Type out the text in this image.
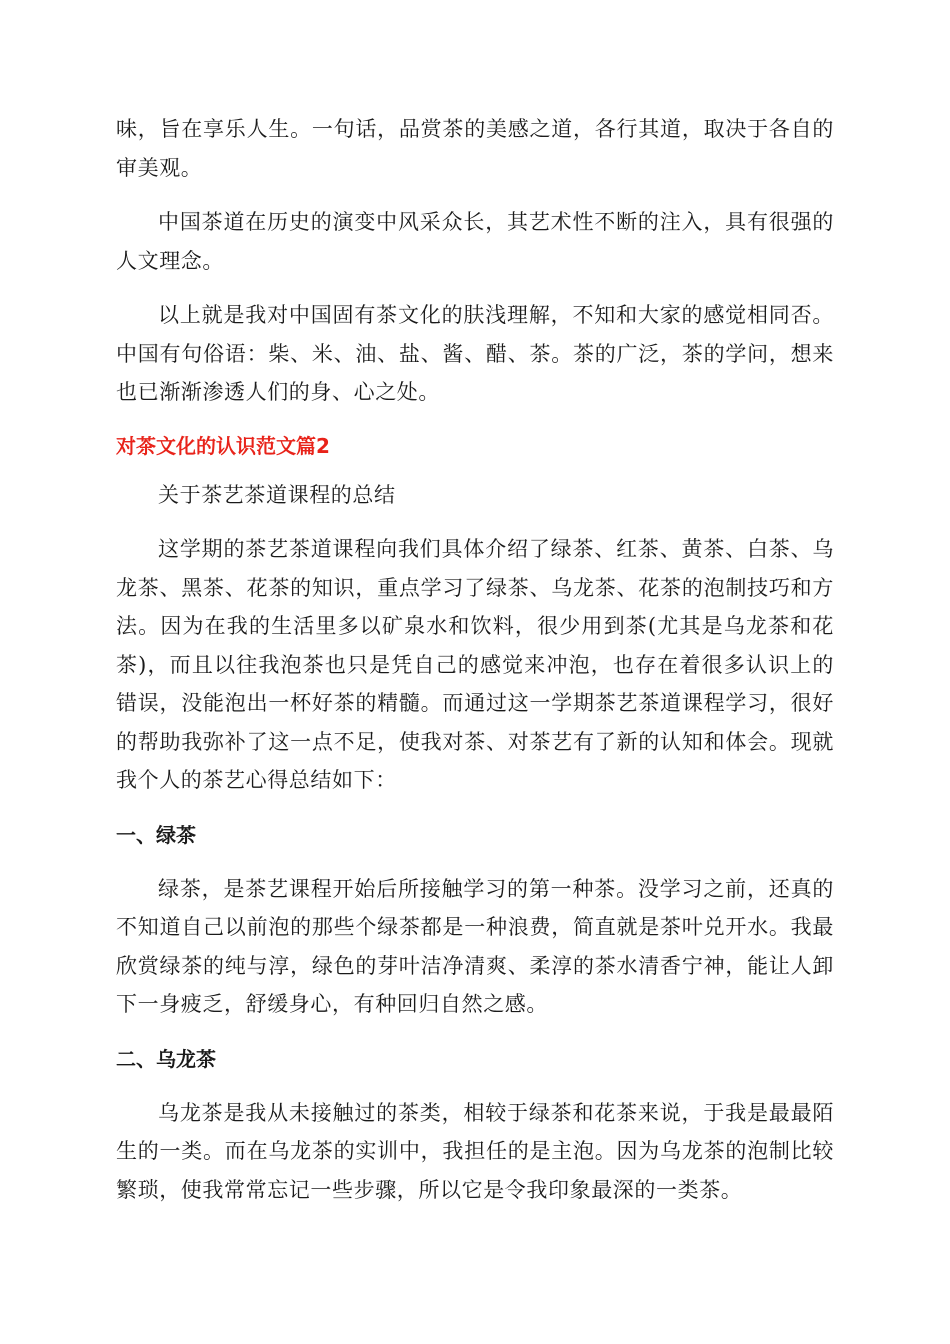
味，旨在享乐人生。一句话，品赏茶的美感之道，各行其道，取决于各自的审美观。

中国茶道在历史的演变中风采众长，其艺术性不断的注入，具有很强的人文理念。

以上就是我对中国固有茶文化的肤浅理解，不知和大家的感觉相同否。中国有句俗语：柴、米、油、盐、酱、醋、茶。茶的广泛，茶的学问，想来也已渐渐渗透人们的身、心之处。

对茶文化的认识范文篇2

关于茶艺茶道课程的总结

这学期的茶艺茶道课程向我们具体介绍了绿茶、红茶、黄茶、白茶、乌龙茶、黑茶、花茶的知识，重点学习了绿茶、乌龙茶、花茶的泡制技巧和方法。因为在我的生活里多以矿泉水和饮料，很少用到茶(尤其是乌龙茶和花茶)，而且以往我泡茶也只是凭自己的感觉来冲泡，也存在着很多认识上的错误，没能泡出一杯好茶的精髓。而通过这一学期茶艺茶道课程学习，很好的帮助我弥补了这一点不足，使我对茶、对茶艺有了新的认知和体会。现就我个人的茶艺心得总结如下：

一、绿茶

绿茶，是茶艺课程开始后所接触学习的第一种茶。没学习之前，还真的不知道自己以前泡的那些个绿茶都是一种浪费，简直就是茶叶兑开水。我最欣赏绿茶的纯与淳，绿色的芽叶洁净清爽、柔淳的茶水清香宁神，能让人卸下一身疲乏，舒缓身心，有种回归自然之感。

二、乌龙茶

乌龙茶是我从未接触过的茶类，相较于绿茶和花茶来说，于我是最最陌生的一类。而在乌龙茶的实训中，我担任的是主泡。因为乌龙茶的泡制比较繁琐，使我常常忘记一些步骤，所以它是令我印象最深的一类茶。
